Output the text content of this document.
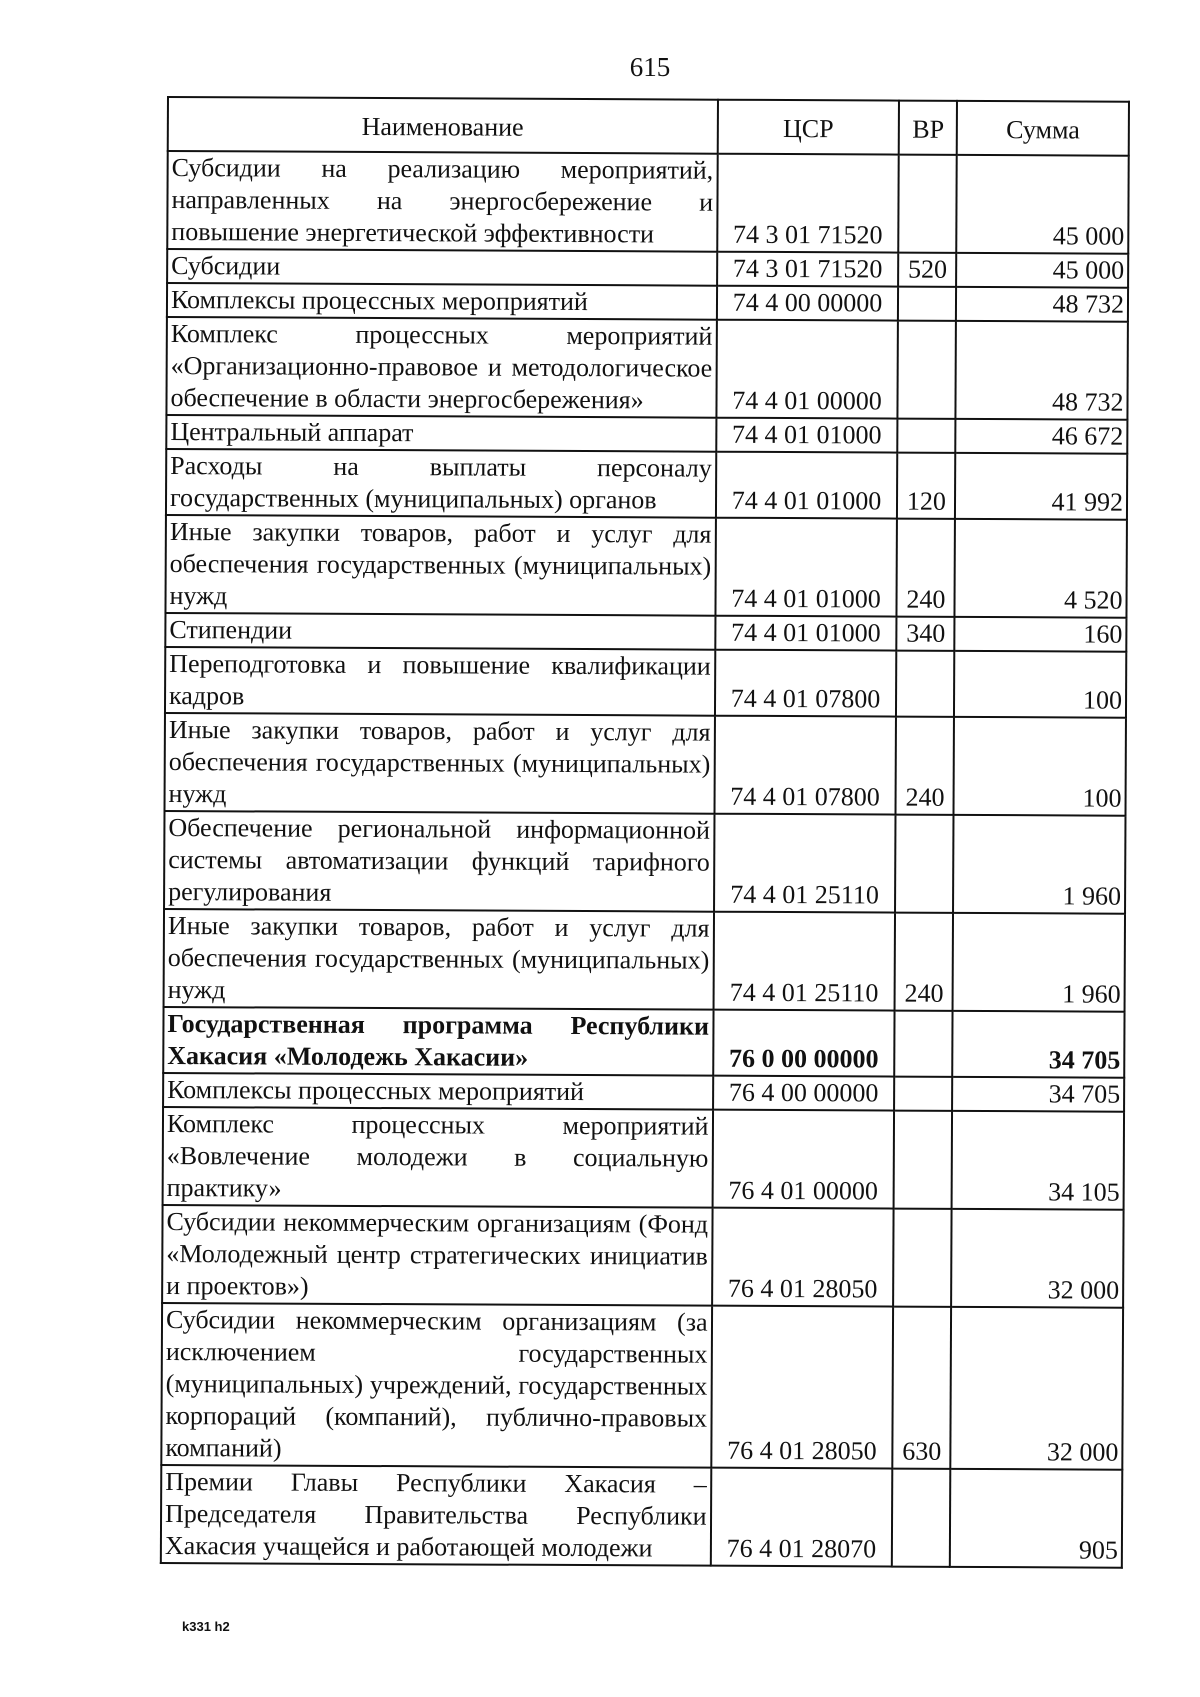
615
Наименование	ЦСР	ВР	Сумма
Субсидии на реализацию мероприятий, направленных на энергосбережение и повышение энергетической эффективности	74 3 01 71520		45 000
Субсидии	74 3 01 71520	520	45 000
Комплексы процессных мероприятий	74 4 00 00000		48 732
Комплекс процессных мероприятий «Организационно-правовое и методологическое обеспечение в области энергосбережения»	74 4 01 00000		48 732
Центральный аппарат	74 4 01 01000		46 672
Расходы на выплаты персоналу государственных (муниципальных) органов	74 4 01 01000	120	41 992
Иные закупки товаров, работ и услуг для обеспечения государственных (муниципальных) нужд	74 4 01 01000	240	4 520
Стипендии	74 4 01 01000	340	160
Переподготовка и повышение квалификации кадров	74 4 01 07800		100
Иные закупки товаров, работ и услуг для обеспечения государственных (муниципальных) нужд	74 4 01 07800	240	100
Обеспечение региональной информационной системы автоматизации функций тарифного регулирования	74 4 01 25110		1 960
Иные закупки товаров, работ и услуг для обеспечения государственных (муниципальных) нужд	74 4 01 25110	240	1 960
Государственная программа Республики Хакасия «Молодежь Хакасии»	76 0 00 00000		34 705
Комплексы процессных мероприятий	76 4 00 00000		34 705
Комплекс процессных мероприятий «Вовлечение молодежи в социальную практику»	76 4 01 00000		34 105
Субсидии некоммерческим организациям (Фонд «Молодежный центр стратегических инициатив и проектов»)	76 4 01 28050		32 000
Субсидии некоммерческим организациям (за исключением государственных (муниципальных) учреждений, государственных корпораций (компаний), публично-правовых компаний)	76 4 01 28050	630	32 000
Премии Главы Республики Хакасия – Председателя Правительства Республики Хакасия учащейся и работающей молодежи	76 4 01 28070		905
k331 h2
